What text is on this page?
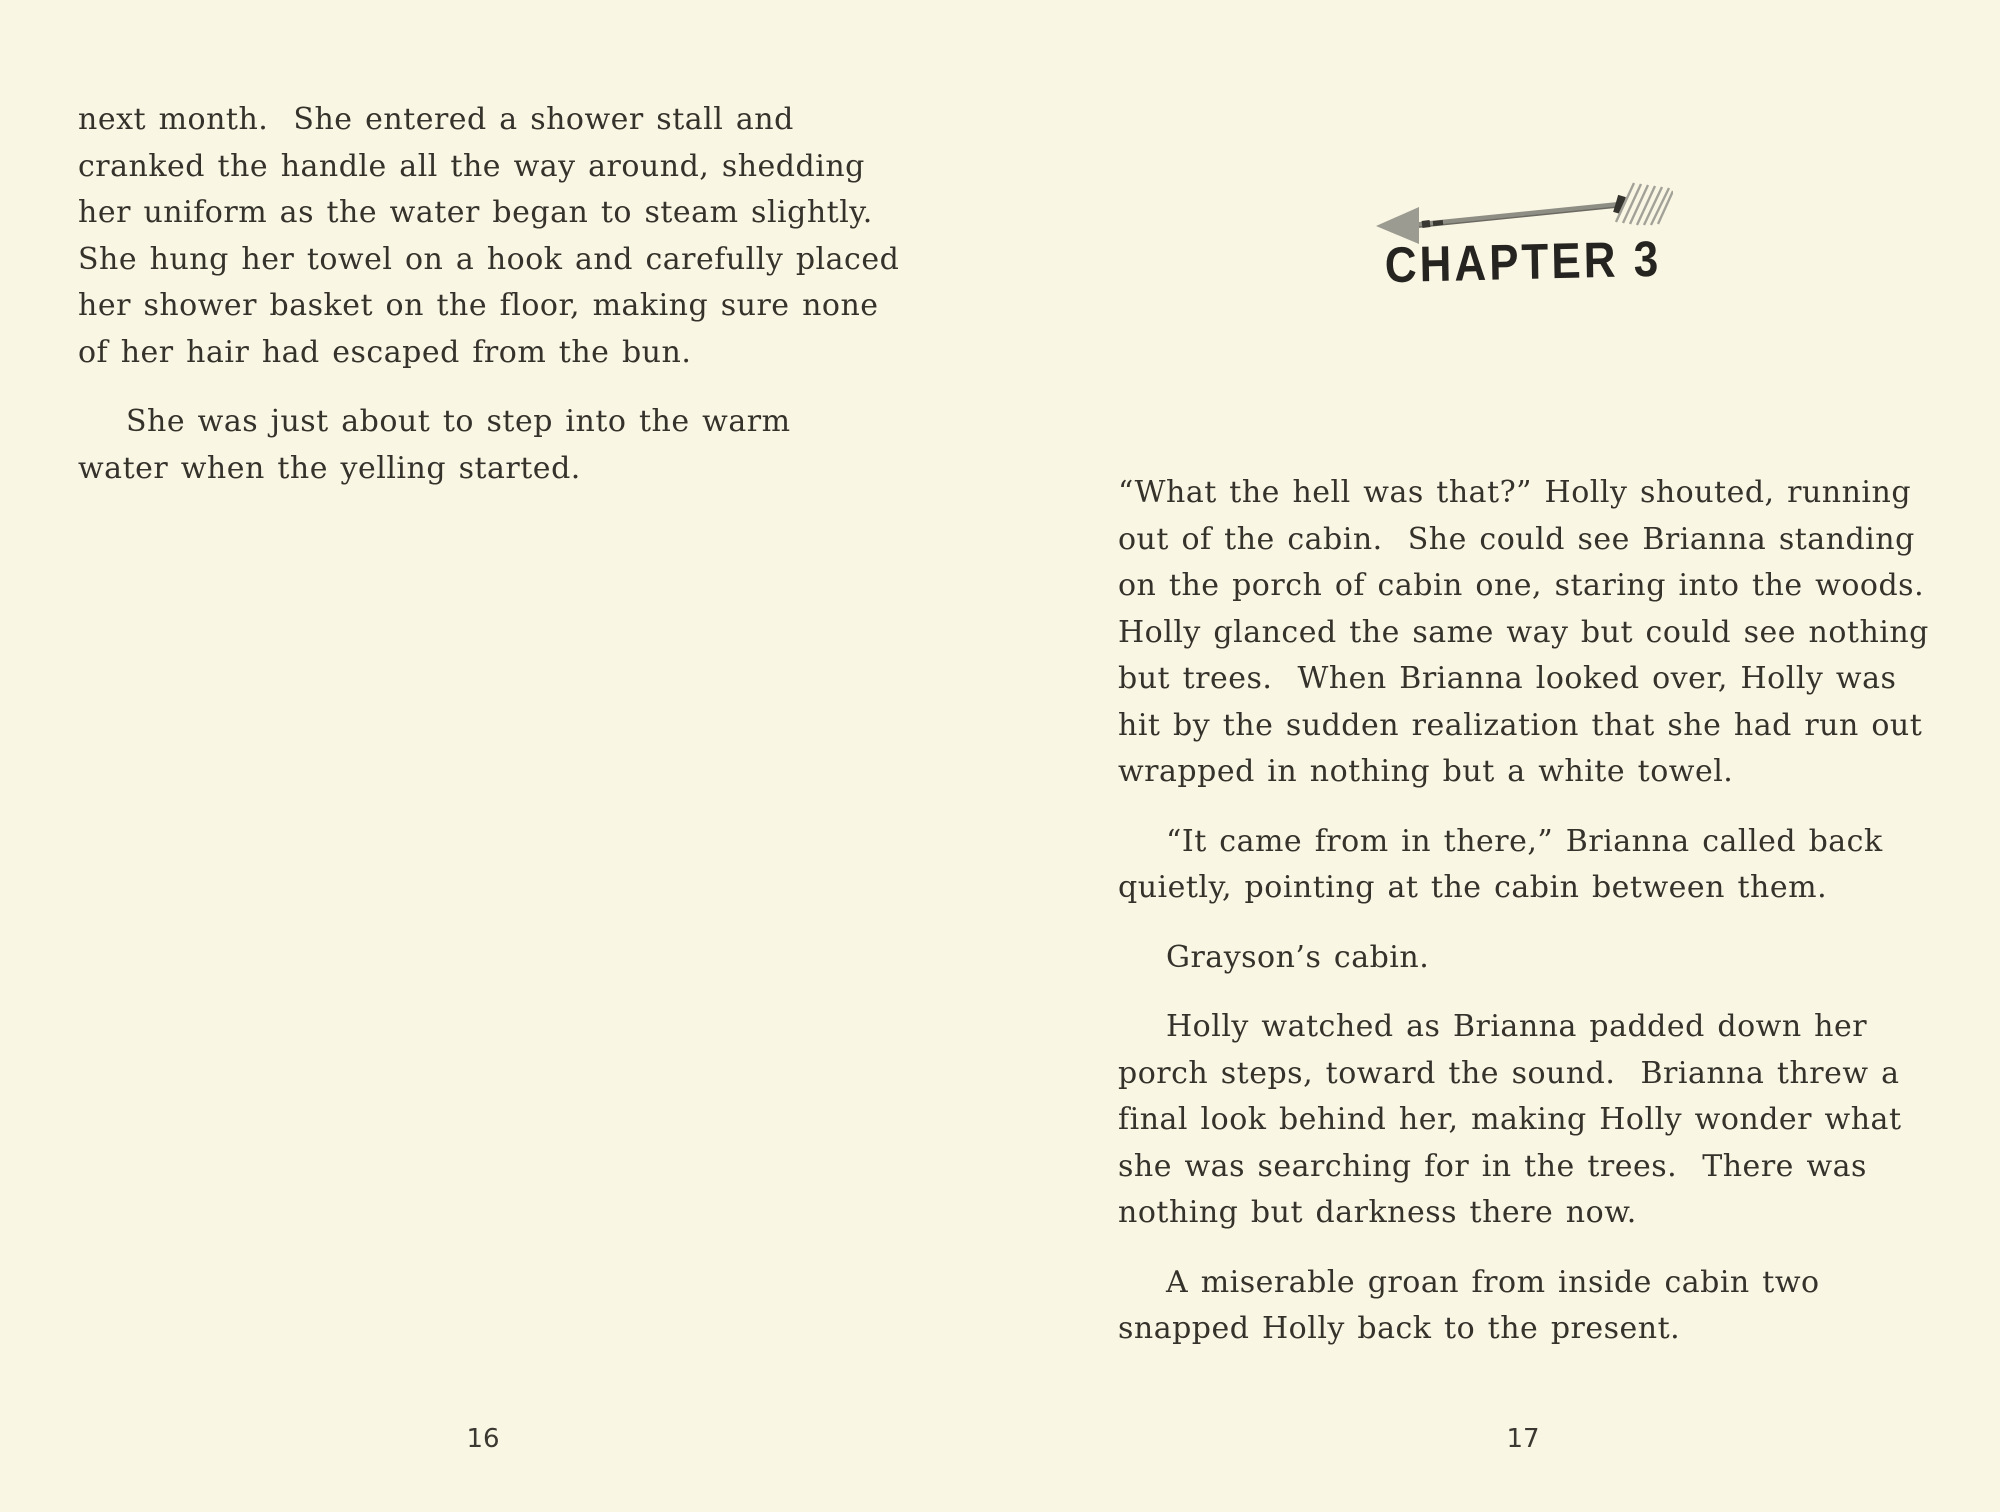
next month.  She entered a shower stall and
cranked the handle all the way around, shedding
her uniform as the water began to steam slightly.
She hung her towel on a hook and carefully placed
her shower basket on the floor, making sure none
of her hair had escaped from the bun.
She was just about to step into the warm
water when the yelling started.
16
CHAPTER 3
“What the hell was that?” Holly shouted, running
out of the cabin.  She could see Brianna standing
on the porch of cabin one, staring into the woods.
Holly glanced the same way but could see nothing
but trees.  When Brianna looked over, Holly was
hit by the sudden realization that she had run out
wrapped in nothing but a white towel.
“It came from in there,” Brianna called back
quietly, pointing at the cabin between them.
Grayson’s cabin.
Holly watched as Brianna padded down her
porch steps, toward the sound.  Brianna threw a
final look behind her, making Holly wonder what
she was searching for in the trees.  There was
nothing but darkness there now.
A miserable groan from inside cabin two
snapped Holly back to the present.
17
